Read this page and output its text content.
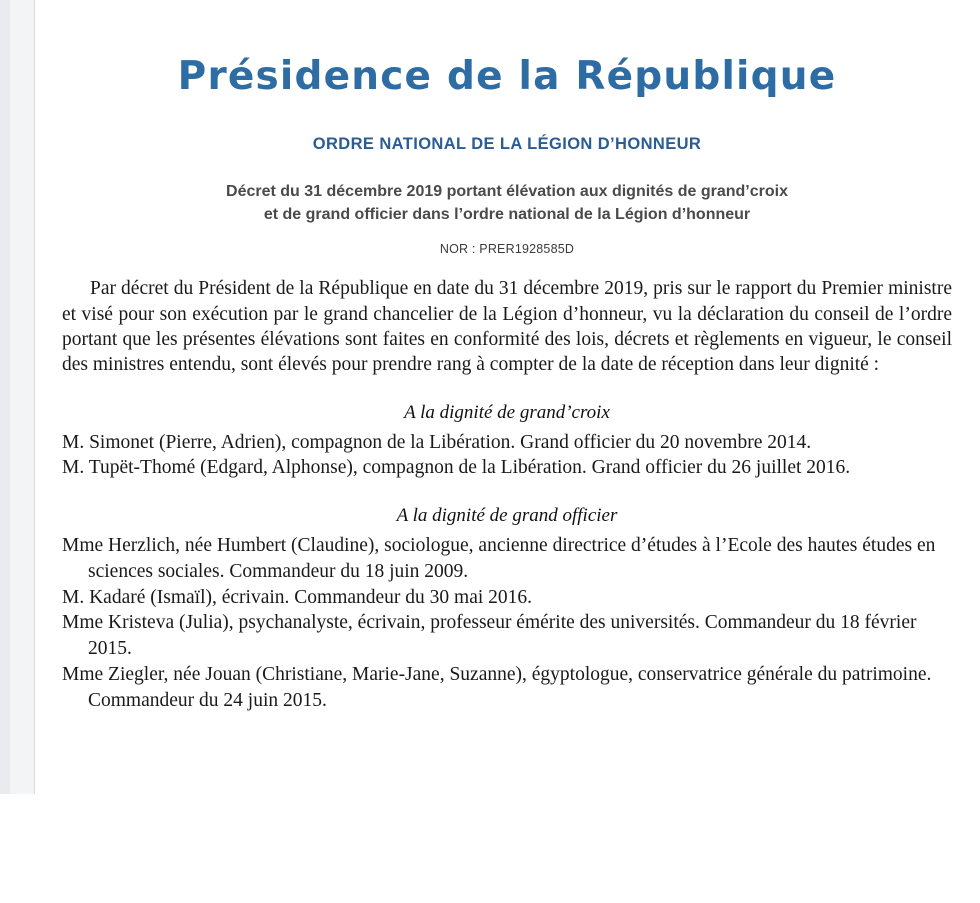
Présidence de la République
ORDRE NATIONAL DE LA LÉGION D’HONNEUR
Décret du 31 décembre 2019 portant élévation aux dignités de grand’croix
et de grand officier dans l’ordre national de la Légion d’honneur
NOR : PRER1928585D

Par décret du Président de la République en date du 31 décembre 2019, pris sur le rapport du Premier ministre et visé pour son exécution par le grand chancelier de la Légion d’honneur, vu la déclaration du conseil de l’ordre portant que les présentes élévations sont faites en conformité des lois, décrets et règlements en vigueur, le conseil des ministres entendu, sont élevés pour prendre rang à compter de la date de réception dans leur dignité :

A la dignité de grand’croix

M. Simonet (Pierre, Adrien), compagnon de la Libération. Grand officier du 20 novembre 2014.

M. Tupët-Thomé (Edgard, Alphonse), compagnon de la Libération. Grand officier du 26 juillet 2016.

A la dignité de grand officier

Mme Herzlich, née Humbert (Claudine), sociologue, ancienne directrice d’études à l’Ecole des hautes études en sciences sociales. Commandeur du 18 juin 2009.

M. Kadaré (Ismaïl), écrivain. Commandeur du 30 mai 2016.

Mme Kristeva (Julia), psychanalyste, écrivain, professeur émérite des universités. Commandeur du 18 février 2015.

Mme Ziegler, née Jouan (Christiane, Marie-Jane, Suzanne), égyptologue, conservatrice générale du patrimoine. Commandeur du 24 juin 2015.
